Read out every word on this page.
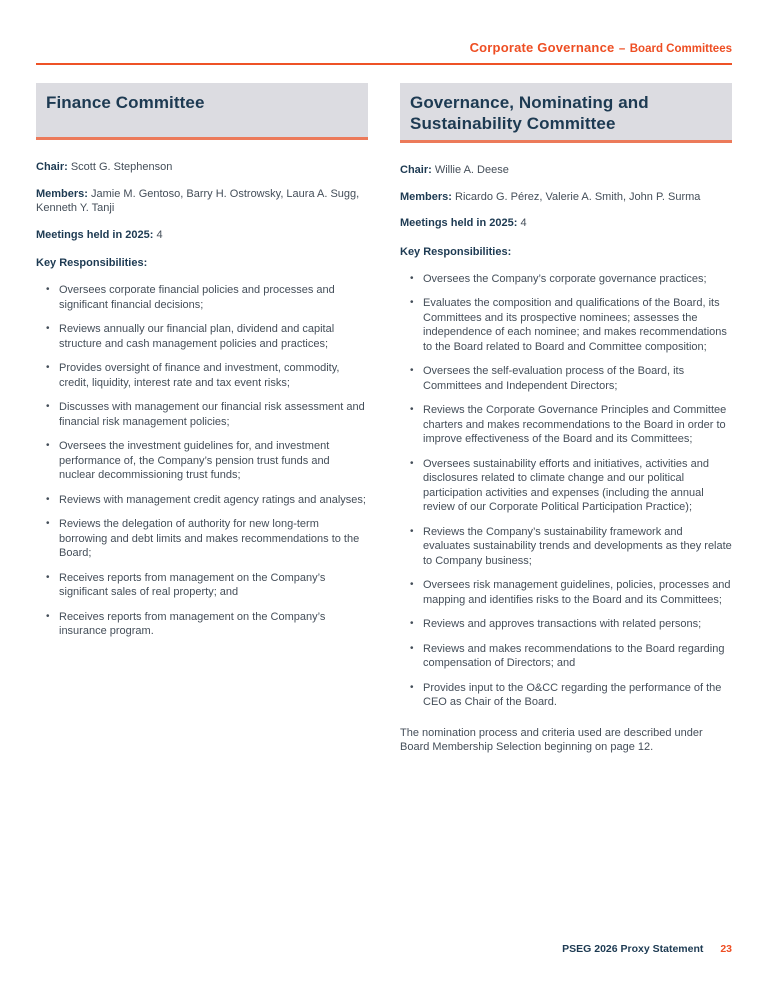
Corporate Governance – Board Committees
Finance Committee

Chair: Scott G. Stephenson

Members: Jamie M. Gentoso, Barry H. Ostrowsky, Laura A. Sugg, Kenneth Y. Tanji

Meetings held in 2025: 4

Key Responsibilities:

• Oversees corporate financial policies and processes and significant financial decisions;
• Reviews annually our financial plan, dividend and capital structure and cash management policies and practices;
• Provides oversight of finance and investment, commodity, credit, liquidity, interest rate and tax event risks;
• Discusses with management our financial risk assessment and financial risk management policies;
• Oversees the investment guidelines for, and investment performance of, the Company’s pension trust funds and nuclear decommissioning trust funds;
• Reviews with management credit agency ratings and analyses;
• Reviews the delegation of authority for new long-term borrowing and debt limits and makes recommendations to the Board;
• Receives reports from management on the Company’s significant sales of real property; and
• Receives reports from management on the Company’s insurance program.
Governance, Nominating and Sustainability Committee

Chair: Willie A. Deese

Members: Ricardo G. Pérez, Valerie A. Smith, John P. Surma

Meetings held in 2025: 4

Key Responsibilities:

• Oversees the Company’s corporate governance practices;
• Evaluates the composition and qualifications of the Board, its Committees and its prospective nominees; assesses the independence of each nominee; and makes recommendations to the Board related to Board and Committee composition;
• Oversees the self-evaluation process of the Board, its Committees and Independent Directors;
• Reviews the Corporate Governance Principles and Committee charters and makes recommendations to the Board in order to improve effectiveness of the Board and its Committees;
• Oversees sustainability efforts and initiatives, activities and disclosures related to climate change and our political participation activities and expenses (including the annual review of our Corporate Political Participation Practice);
• Reviews the Company’s sustainability framework and evaluates sustainability trends and developments as they relate to Company business;
• Oversees risk management guidelines, policies, processes and mapping and identifies risks to the Board and its Committees;
• Reviews and approves transactions with related persons;
• Reviews and makes recommendations to the Board regarding compensation of Directors; and
• Provides input to the O&CC regarding the performance of the CEO as Chair of the Board.

The nomination process and criteria used are described under Board Membership Selection beginning on page 12.

PSEG 2026 Proxy Statement 23
